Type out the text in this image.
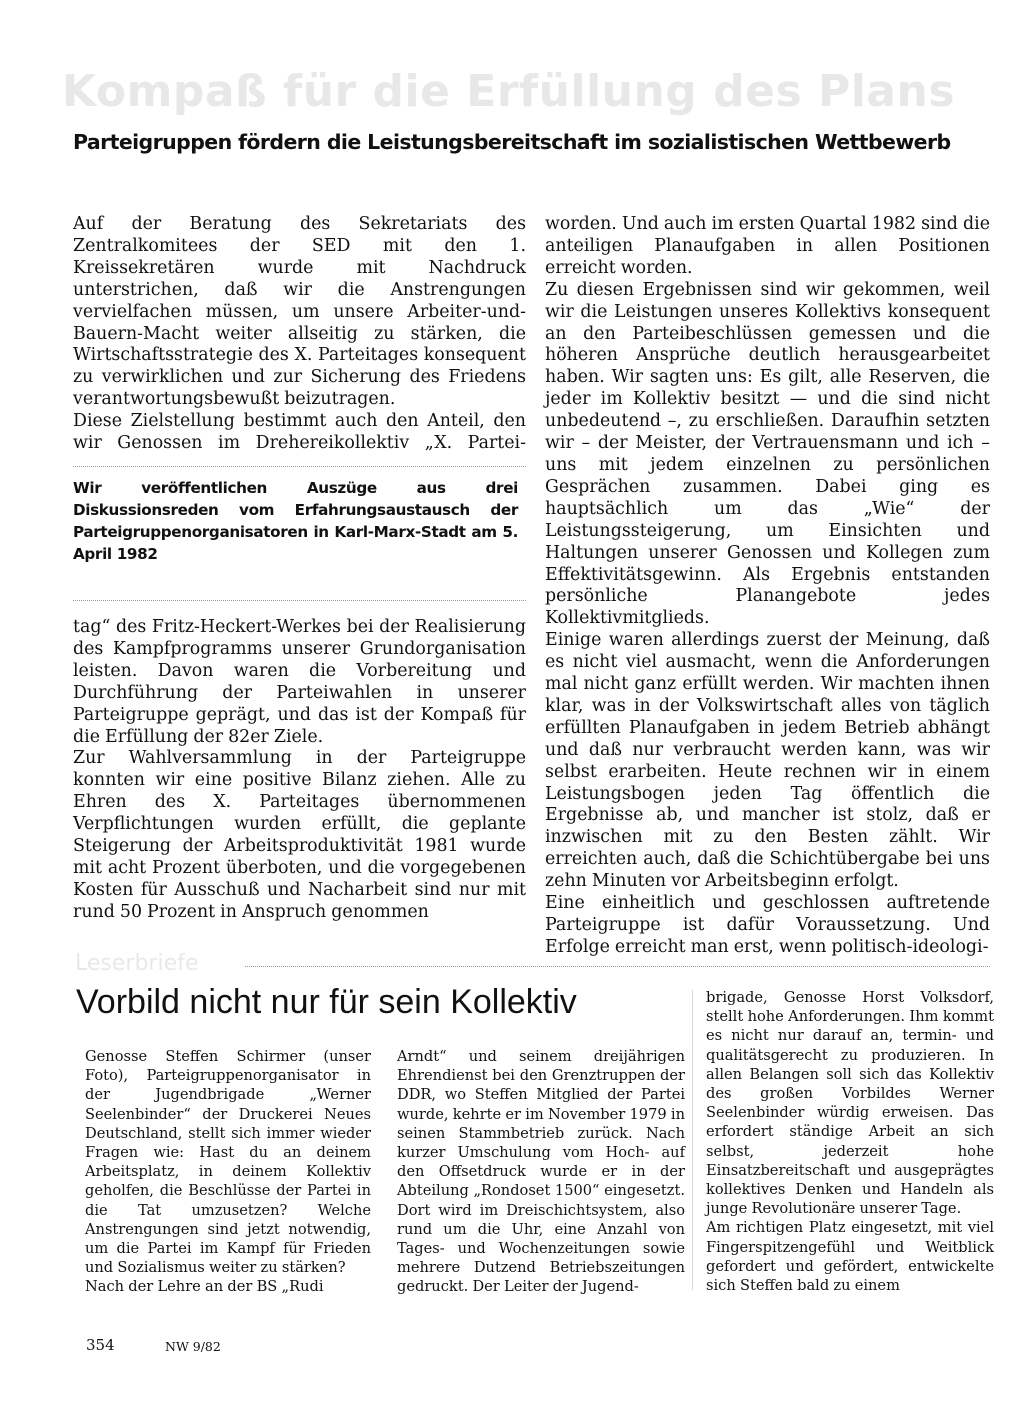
Kompaß für die Erfüllung des Plans
Parteigruppen fördern die Leistungsbereitschaft im sozialistischen Wettbewerb

Auf der Beratung des Sekretariats des Zentralkomitees der SED mit den 1. Kreissekretären wurde mit Nachdruck unterstrichen, daß wir die Anstrengungen vervielfachen müssen, um unsere Arbeiter-und-Bauern-Macht weiter allseitig zu stärken, die Wirtschaftsstrategie des X. Parteitages konsequent zu verwirklichen und zur Sicherung des Friedens verantwortungsbewußt beizutragen.

Diese Zielstellung bestimmt auch den Anteil, den wir Genossen im Drehereikollektiv „X. Partei-

Wir veröffentlichen Auszüge aus drei Diskussionsreden vom Erfahrungsaustausch der Parteigruppenorganisatoren in Karl-Marx-Stadt am 5. April 1982

tag“ des Fritz-Heckert-Werkes bei der Realisierung des Kampfprogramms unserer Grundorganisation leisten. Davon waren die Vorbereitung und Durchführung der Parteiwahlen in unserer Parteigruppe geprägt, und das ist der Kompaß für die Erfüllung der 82er Ziele.

Zur Wahlversammlung in der Parteigruppe konnten wir eine positive Bilanz ziehen. Alle zu Ehren des X. Parteitages übernommenen Verpflichtungen wurden erfüllt, die geplante Steigerung der Arbeitsproduktivität 1981 wurde mit acht Prozent überboten, und die vorgegebenen Kosten für Ausschuß und Nacharbeit sind nur mit rund 50 Prozent in Anspruch genommen

worden. Und auch im ersten Quartal 1982 sind die anteiligen Planaufgaben in allen Positionen erreicht worden.

Zu diesen Ergebnissen sind wir gekommen, weil wir die Leistungen unseres Kollektivs konsequent an den Parteibeschlüssen gemessen und die höheren Ansprüche deutlich herausgearbeitet haben. Wir sagten uns: Es gilt, alle Reserven, die jeder im Kollektiv besitzt — und die sind nicht unbedeutend –, zu erschließen. Daraufhin setzten wir – der Meister, der Vertrauensmann und ich – uns mit jedem einzelnen zu persönlichen Gesprächen zusammen. Dabei ging es hauptsächlich um das „Wie“ der Leistungssteigerung, um Einsichten und Haltungen unserer Genossen und Kollegen zum Effektivitätsgewinn. Als Ergebnis entstanden persönliche Planangebote jedes Kollektivmitglieds.

Einige waren allerdings zuerst der Meinung, daß es nicht viel ausmacht, wenn die Anforderungen mal nicht ganz erfüllt werden. Wir machten ihnen klar, was in der Volkswirtschaft alles von täglich erfüllten Planaufgaben in jedem Betrieb abhängt und daß nur verbraucht werden kann, was wir selbst erarbeiten. Heute rechnen wir in einem Leistungsbogen jeden Tag öffentlich die Ergebnisse ab, und mancher ist stolz, daß er inzwischen mit zu den Besten zählt. Wir erreichten auch, daß die Schichtübergabe bei uns zehn Minuten vor Arbeitsbeginn erfolgt.

Eine einheitlich und geschlossen auftretende Parteigruppe ist dafür Voraussetzung. Und Erfolge erreicht man erst, wenn politisch-ideologi-

Leserbriefe
Vorbild nicht nur für sein Kollektiv

Genosse Steffen Schirmer (unser Foto), Parteigruppenorganisator in der Jugendbrigade „Werner Seelenbinder“ der Druckerei Neues Deutschland, stellt sich immer wieder Fragen wie: Hast du an deinem Arbeitsplatz, in deinem Kollektiv geholfen, die Beschlüsse der Partei in die Tat umzusetzen? Welche Anstrengungen sind jetzt notwendig, um die Partei im Kampf für Frieden und Sozialismus weiter zu stärken?

Nach der Lehre an der BS „Rudi

Arndt“ und seinem dreijährigen Ehrendienst bei den Grenztruppen der DDR, wo Steffen Mitglied der Partei wurde, kehrte er im November 1979 in seinen Stammbetrieb zurück. Nach kurzer Umschulung vom Hoch- auf den Offsetdruck wurde er in der Abteilung „Rondoset 1500“ eingesetzt. Dort wird im Dreischichtsystem, also rund um die Uhr, eine Anzahl von Tages- und Wochenzeitungen sowie mehrere Dutzend Betriebszeitungen gedruckt. Der Leiter der Jugend-

brigade, Genosse Horst Volksdorf, stellt hohe Anforderungen. Ihm kommt es nicht nur darauf an, termin- und qualitätsgerecht zu produzieren. In allen Belangen soll sich das Kollektiv des großen Vorbildes Werner Seelenbinder würdig erweisen. Das erfordert ständige Arbeit an sich selbst, jederzeit hohe Einsatzbereitschaft und ausgeprägtes kollektives Denken und Handeln als junge Revolutionäre unserer Tage.

Am richtigen Platz eingesetzt, mit viel Fingerspitzengefühl und Weitblick gefordert und gefördert, entwickelte sich Steffen bald zu einem

354	NW 9/82
